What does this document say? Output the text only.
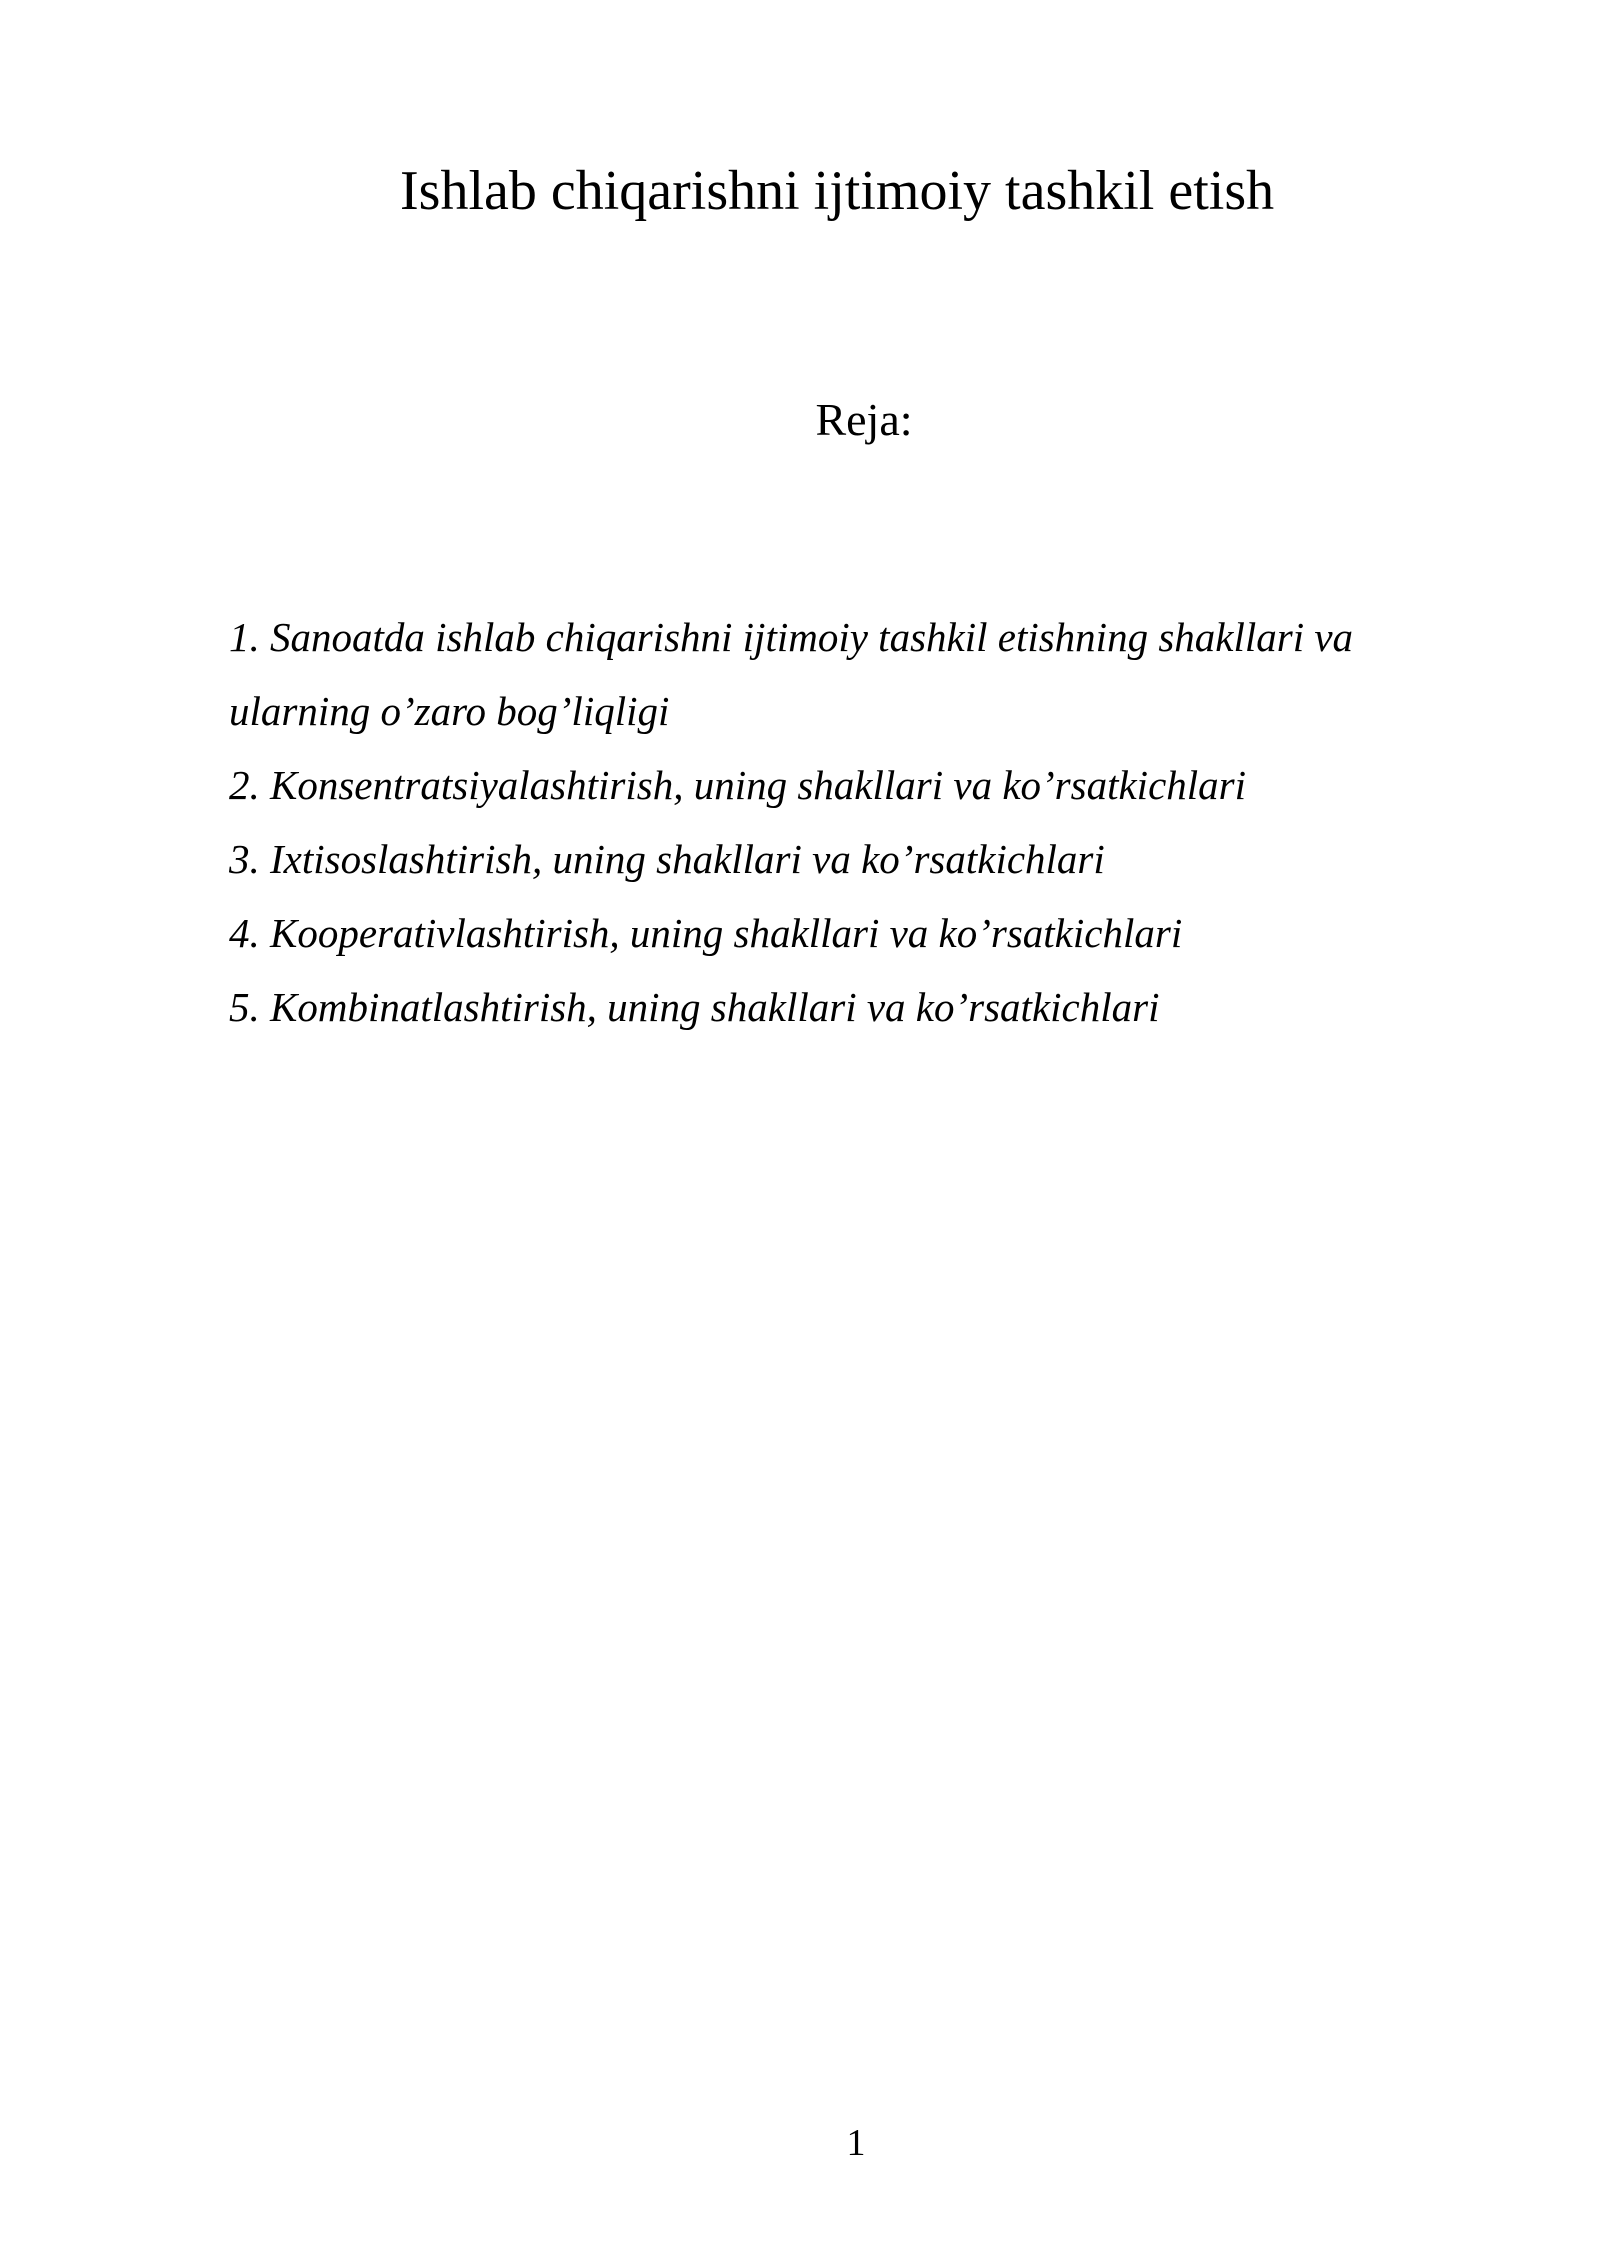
Ishlab chiqarishni ijtimoiy tashkil etish
Reja:
1. Sanoatda ishlab chiqarishni ijtimoiy tashkil etishning shakllari va
ularning o’zaro bog’liqligi
2. Konsentratsiyalashtirish, uning shakllari va ko’rsatkichlari
3. Ixtisoslashtirish, uning shakllari va ko’rsatkichlari
4. Kooperativlashtirish, uning shakllari va ko’rsatkichlari
5. Kombinatlashtirish, uning shakllari va ko’rsatkichlari
1
